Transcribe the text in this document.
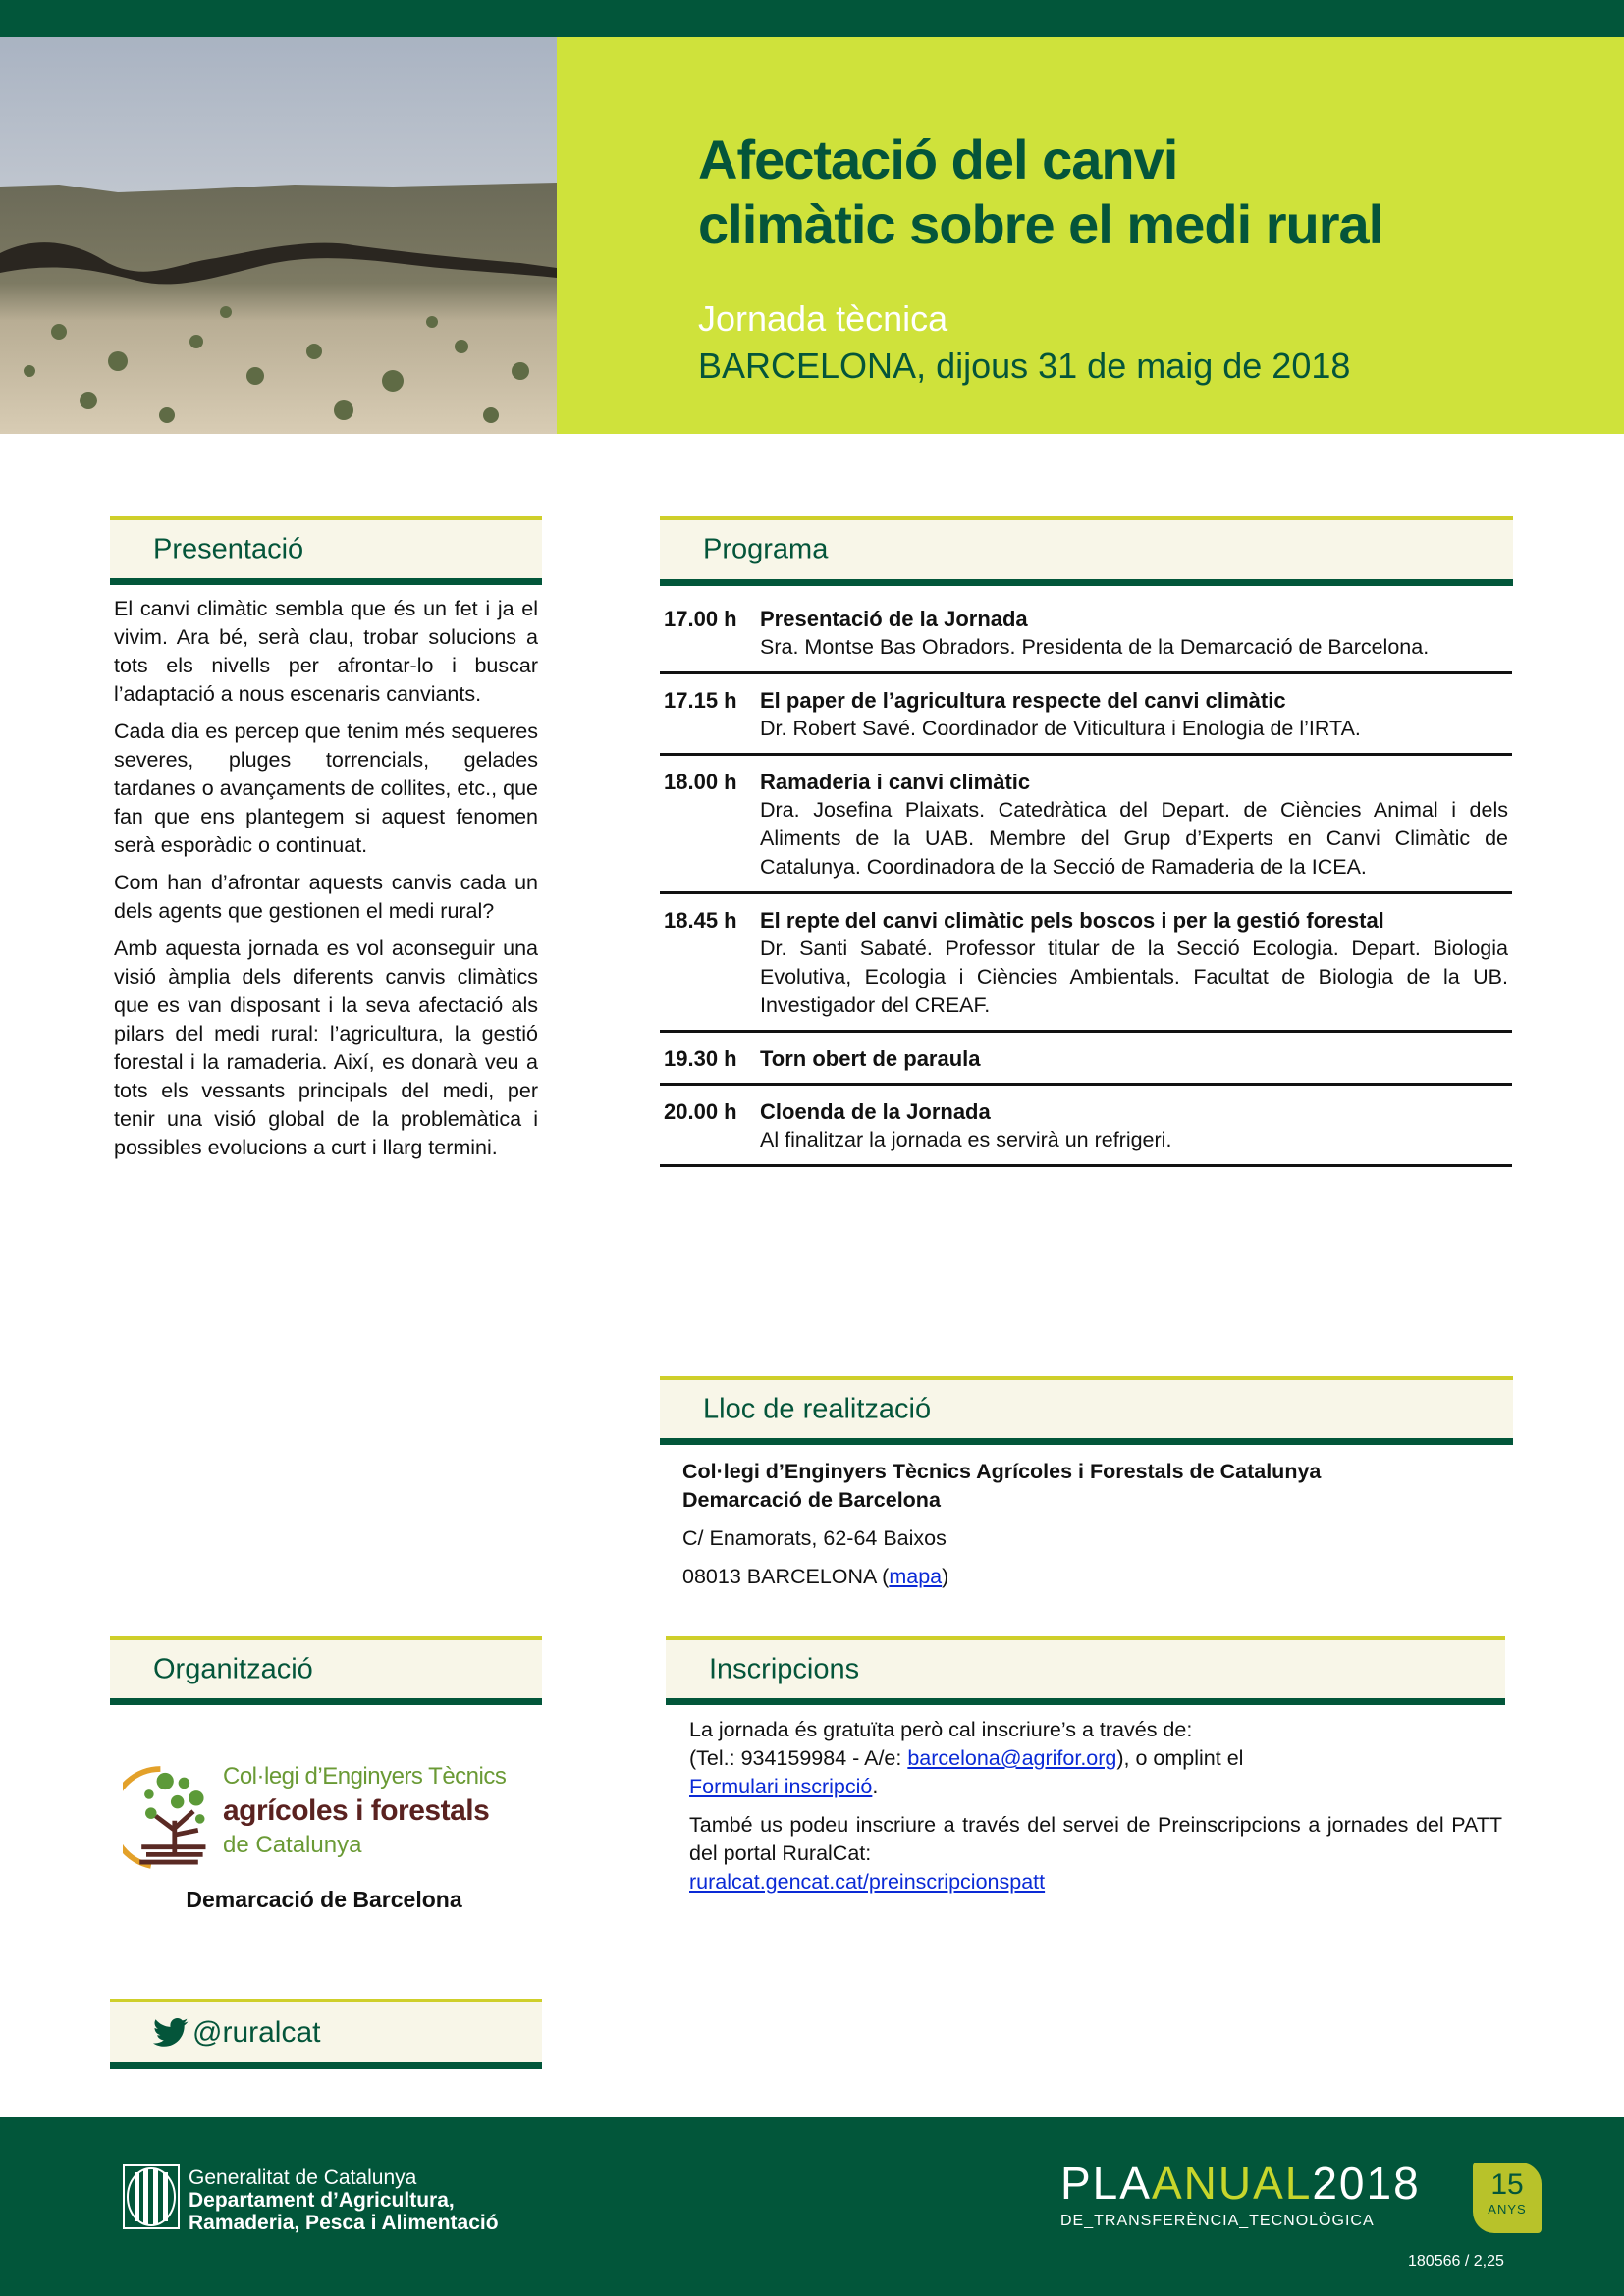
Afectació del canvi
climàtic sobre el medi rural
Jornada tècnica
BARCELONA, dijous 31 de maig de 2018
Presentació

El canvi climàtic sembla que és un fet i ja el vivim. Ara bé, serà clau, trobar solucions a tots els nivells per afrontar-lo i buscar l’adaptació a nous escenaris canviants.

Cada dia es percep que tenim més sequeres severes, pluges torrencials, gelades tardanes o avançaments de collites, etc., que fan que ens plantegem si aquest fenomen serà esporàdic o continuat.

Com han d’afrontar aquests canvis cada un dels agents que gestionen el medi rural?

Amb aquesta jornada es vol aconseguir una visió àmplia dels diferents canvis climàtics que es van disposant i la seva afectació als pilars del medi rural: l’agricultura, la gestió forestal i la ramaderia. Així, es donarà veu a tots els vessants principals del medi, per tenir una visió global de la problemàtica i possibles evolucions a curt i llarg termini.

Programa
17.00 h	Presentació de la Jornada
Sra. Montse Bas Obradors. Presidenta de la Demarcació de Barcelona.
17.15 h	El paper de l’agricultura respecte del canvi climàtic
Dr. Robert Savé. Coordinador de Viticultura i Enologia de l’IRTA.
18.00 h	Ramaderia i canvi climàtic
Dra. Josefina Plaixats. Catedràtica del Depart. de Ciències Animal i dels Aliments de la UAB. Membre del Grup d’Experts en Canvi Climàtic de Catalunya. Coordinadora de la Secció de Ramaderia de la ICEA.
18.45 h	El repte del canvi climàtic pels boscos i per la gestió forestal
Dr. Santi Sabaté. Professor titular de la Secció Ecologia. Depart. Biologia Evolutiva, Ecologia i Ciències Ambientals. Facultat de Biologia de la UB. Investigador del CREAF.
19.30 h	Torn obert de paraula
20.00 h	Cloenda de la Jornada
Al finalitzar la jornada es servirà un refrigeri.
Lloc de realització

Col·legi d’Enginyers Tècnics Agrícoles i Forestals de Catalunya
Demarcació de Barcelona

C/ Enamorats, 62-64 Baixos

08013 BARCELONA (mapa)

Organització
Col·legi d’Enginyers Tècnics
agrícoles i forestals
de Catalunya
Demarcació de Barcelona
Inscripcions

La jornada és gratuïta però cal inscriure’s a través de:
(Tel.: 934159984 - A/e: barcelona@agrifor.org), o omplint el
Formulari inscripció.

També us podeu inscriure a través del servei de Preinscripcions a jornades del PATT del portal RuralCat:
ruralcat.gencat.cat/preinscripcionspatt

@ruralcat
Generalitat de Catalunya
Departament d’Agricultura,
Ramaderia, Pesca i Alimentació
PLAANUAL2018
DE_TRANSFERÈNCIA_TECNOLÒGICA
15
ANYS
180566 / 2,25
